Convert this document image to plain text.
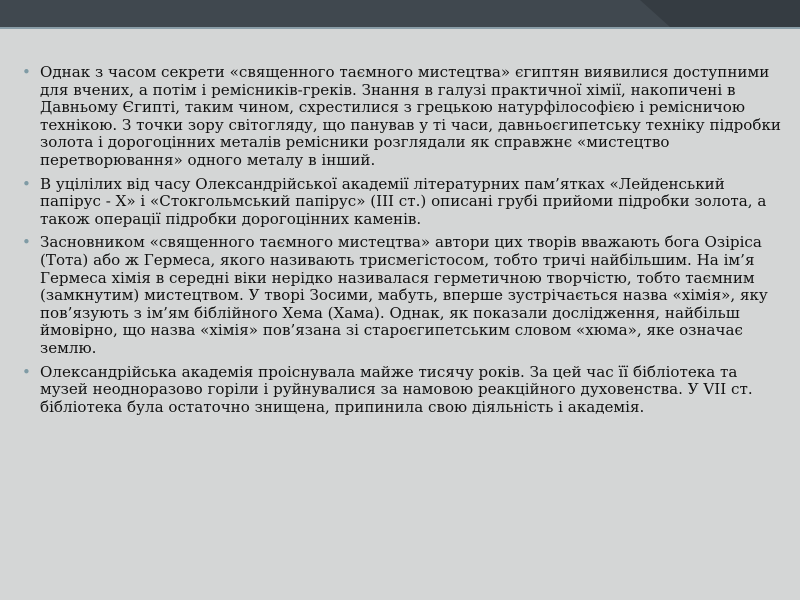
• Однак з часом секрети «священного таємного мистецтва» єгиптян виявилися доступними для вчених, а потім і ремісників-греків. Знання в галузі практичної хімії, накопичені в Давньому Єгипті, таким чином, схрестилися з грецькою натурфілософією і ремісничою технікою. З точки зору світогляду, що панував у ті часи, давньоєгипетську техніку підробки золота і дорогоцінних металів ремісники розглядали як справжнє «мистецтво перетворювання» одного металу в інший.
• В уцілілих від часу Олександрійської академії літературних пам’ятках «Лейденський папірус - Х» і «Стокгольмський папірус» (ІІІ ст.) описані грубі прийоми підробки золота, а також операції підробки дорогоцінних каменів.
• Засновником «священного таємного мистецтва» автори цих творів вважають бога Озіріса (Тота) або ж Гермеса, якого називають трисмегістосом, тобто тричі найбільшим. На ім’я Гермеса хімія в середні віки нерідко називалася герметичною творчістю, тобто таємним (замкнутим) мистецтвом. У творі Зосими, мабуть, вперше зустрічається назва «хімія», яку пов’язують з ім’ям біблійного Хема (Хама). Однак, як показали дослідження, найбільш ймовірно, що назва «хімія» пов’язана зі староєгипетським словом «хюма», яке означає землю.
• Олександрійська академія проіснувала майже тисячу років. За цей час її бібліотека та музей неодноразово горіли і руйнувалися за намовою реакційного духовенства. У VII ст. бібліотека була остаточно знищена, припинила свою діяльність і академія.
